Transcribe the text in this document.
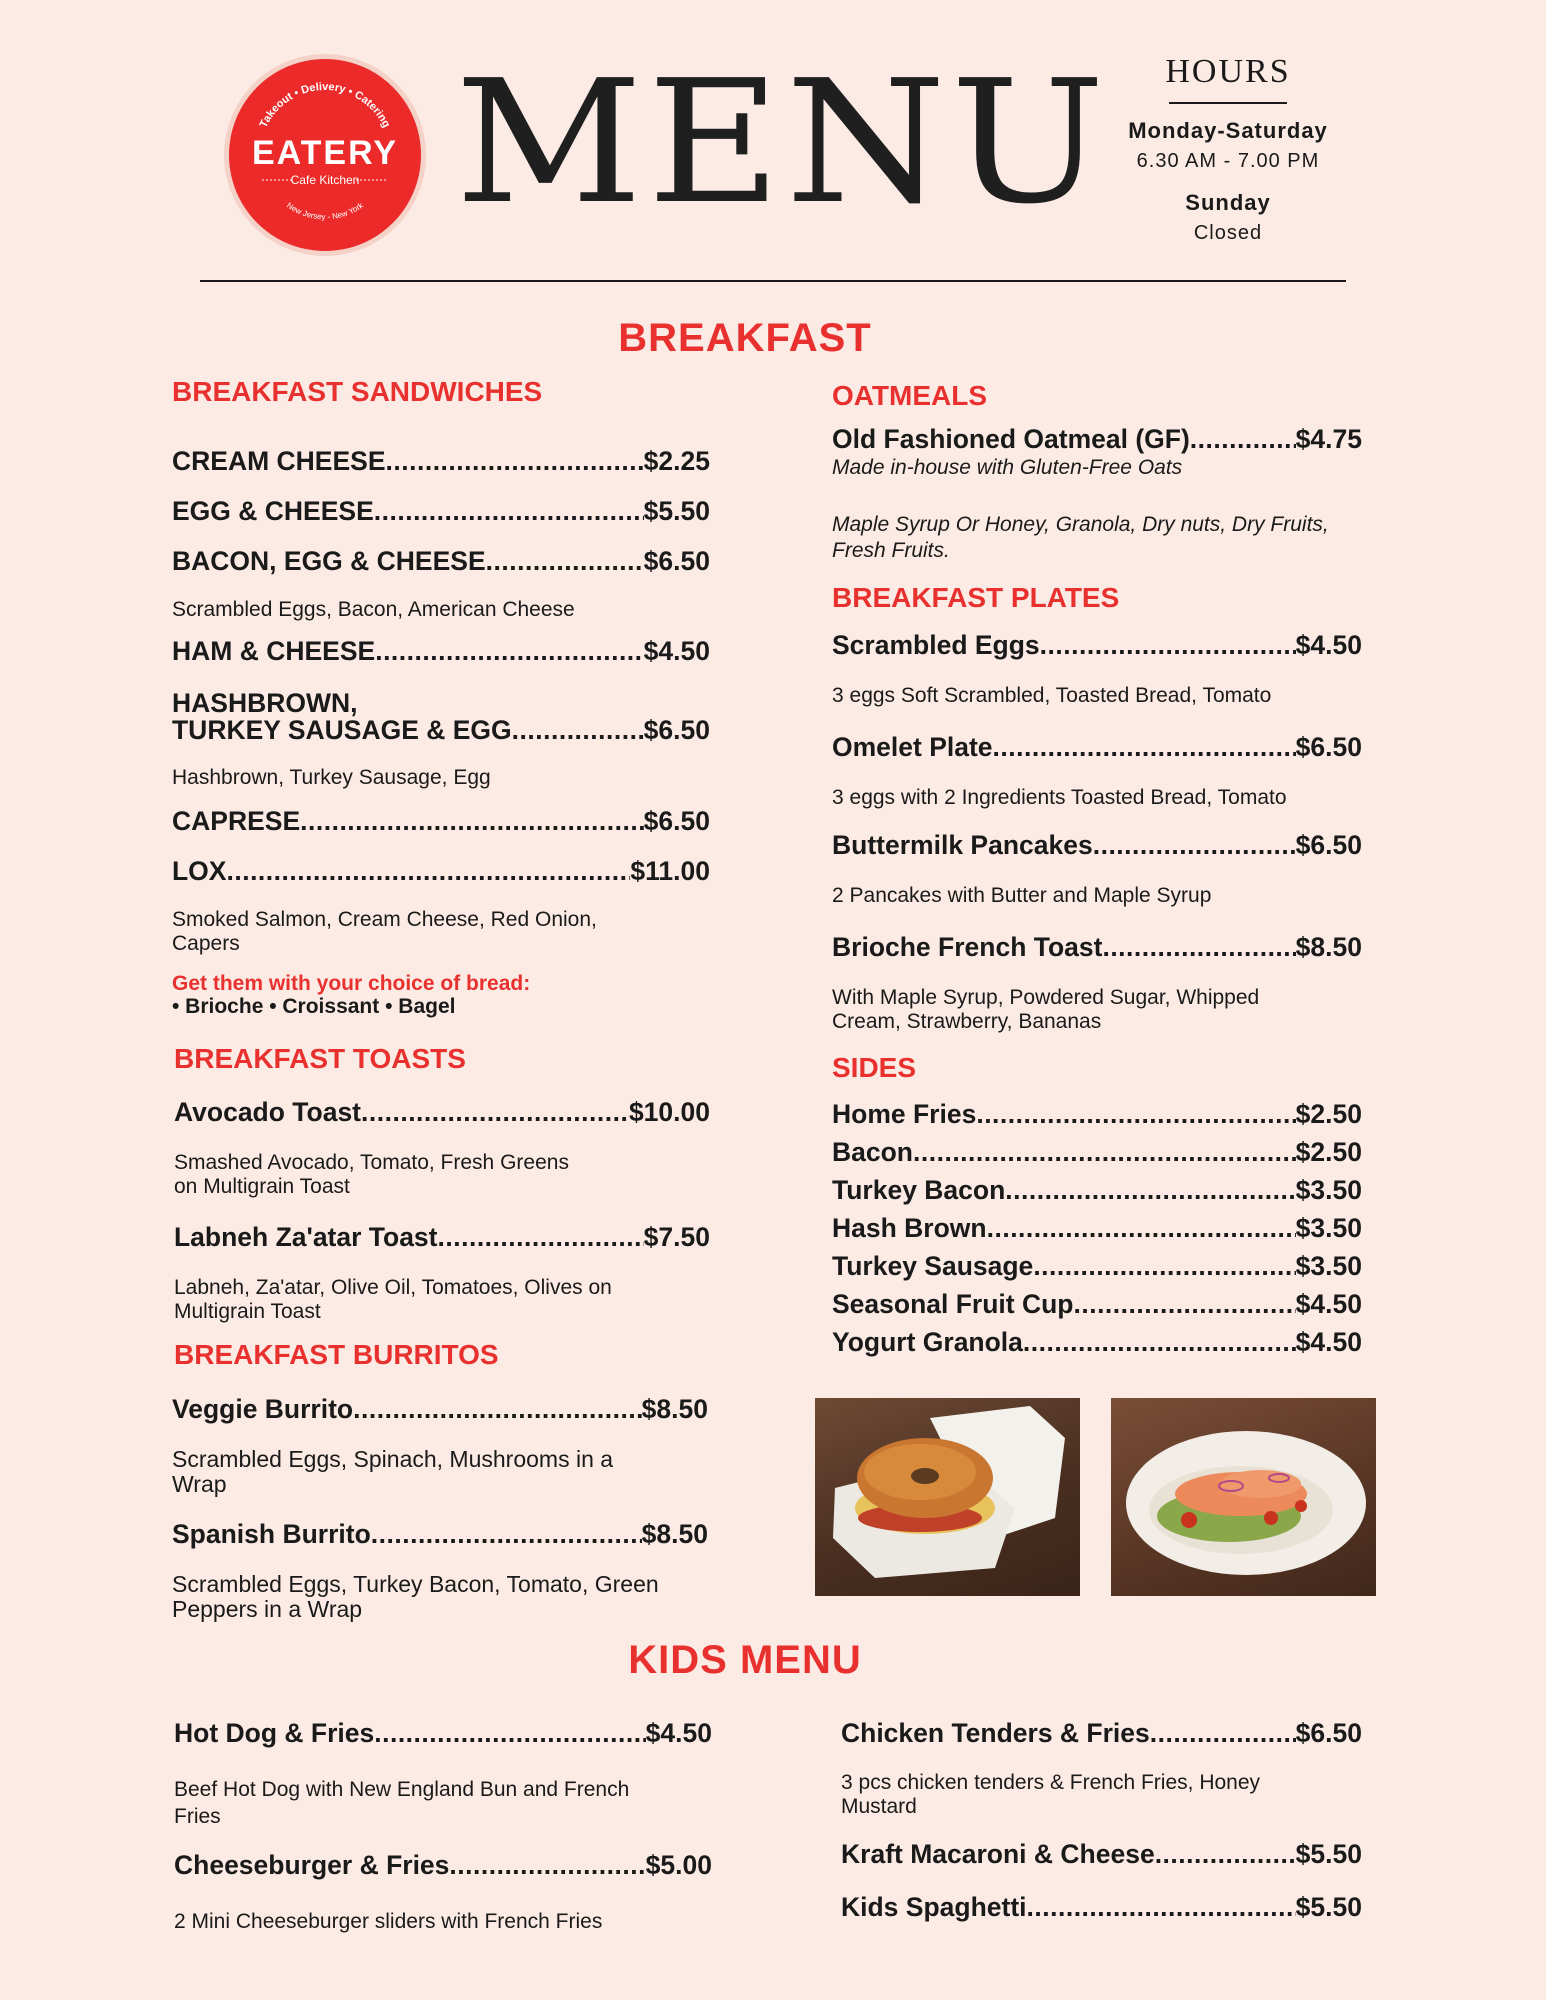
Takeout • Delivery • Catering
EATERY
Cafe Kitchen
New Jersey - New York MENU	HOURS
Monday-Saturday
6.30 AM - 7.00 PM
Sunday
Closed
BREAKFAST
BREAKFAST SANDWICHES
CREAM CHEESE .....	$2.25
EGG & CHEESE .....	$5.50
BACON, EGG & CHEESE .....	$6.50
Scrambled Eggs, Bacon, American Cheese
HAM & CHEESE .....	$4.50
HASHBROWN,
TURKEY SAUSAGE & EGG .....	$6.50
Hashbrown, Turkey Sausage, Egg
CAPRESE .....	$6.50
LOX .....	$11.00
Smoked Salmon, Cream Cheese, Red Onion, Capers
Get them with your choice of bread:
• Brioche • Croissant • Bagel
BREAKFAST TOASTS
Avocado Toast .....	$10.00
Smashed Avocado, Tomato, Fresh Greens
on Multigrain Toast
Labneh Za'atar Toast .....	$7.50
Labneh, Za'atar, Olive Oil, Tomatoes, Olives on
Multigrain Toast
BREAKFAST BURRITOS
Veggie Burrito .....	$8.50
Scrambled Eggs, Spinach, Mushrooms in a Wrap
Spanish Burrito .....	$8.50
Scrambled Eggs, Turkey Bacon, Tomato, Green Peppers in a Wrap
OATMEALS
Old Fashioned Oatmeal (GF) .....	$4.75
Made in-house with Gluten-Free Oats
Maple Syrup Or Honey, Granola, Dry nuts, Dry Fruits, Fresh Fruits.
BREAKFAST PLATES
Scrambled Eggs .....	$4.50
3 eggs Soft Scrambled, Toasted Bread, Tomato
Omelet Plate .....	$6.50
3 eggs with 2 Ingredients Toasted Bread, Tomato
Buttermilk Pancakes .....	$6.50
2 Pancakes with Butter and Maple Syrup
Brioche French Toast .....	$8.50
With Maple Syrup, Powdered Sugar, Whipped Cream, Strawberry, Bananas
SIDES
Home Fries .....	$2.50
Bacon .....	$2.50
Turkey Bacon .....	$3.50
Hash Brown .....	$3.50
Turkey Sausage .....	$3.50
Seasonal Fruit Cup .....	$4.50
Yogurt Granola .....	$4.50
KIDS MENU
Hot Dog & Fries .....	$4.50
Beef Hot Dog with New England Bun and French
Fries
Cheeseburger & Fries .....	$5.00
2 Mini Cheeseburger sliders with French Fries
Chicken Tenders & Fries .....	$6.50
3 pcs chicken tenders & French Fries, Honey
Mustard
Kraft Macaroni & Cheese .....	$5.50
Kids Spaghetti .....	$5.50
